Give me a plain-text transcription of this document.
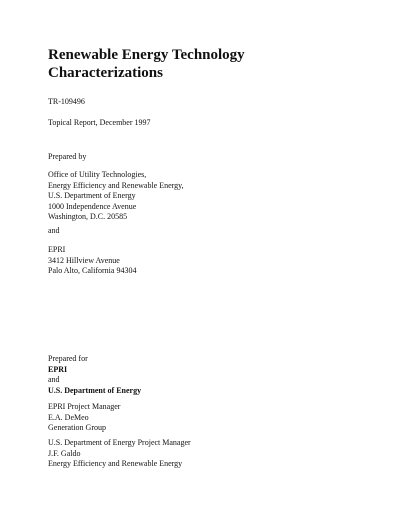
Renewable Energy Technology
Characterizations
TR-109496
Topical Report, December 1997
Prepared by
Office of Utility Technologies,
Energy Efficiency and Renewable Energy,
U.S. Department of Energy
1000 Independence Avenue
Washington, D.C. 20585
and
EPRI
3412 Hillview Avenue
Palo Alto, California 94304
Prepared for
EPRI
and
U.S. Department of Energy
EPRI Project Manager
E.A. DeMeo
Generation Group
U.S. Department of Energy Project Manager
J.F. Galdo
Energy Efficiency and Renewable Energy
